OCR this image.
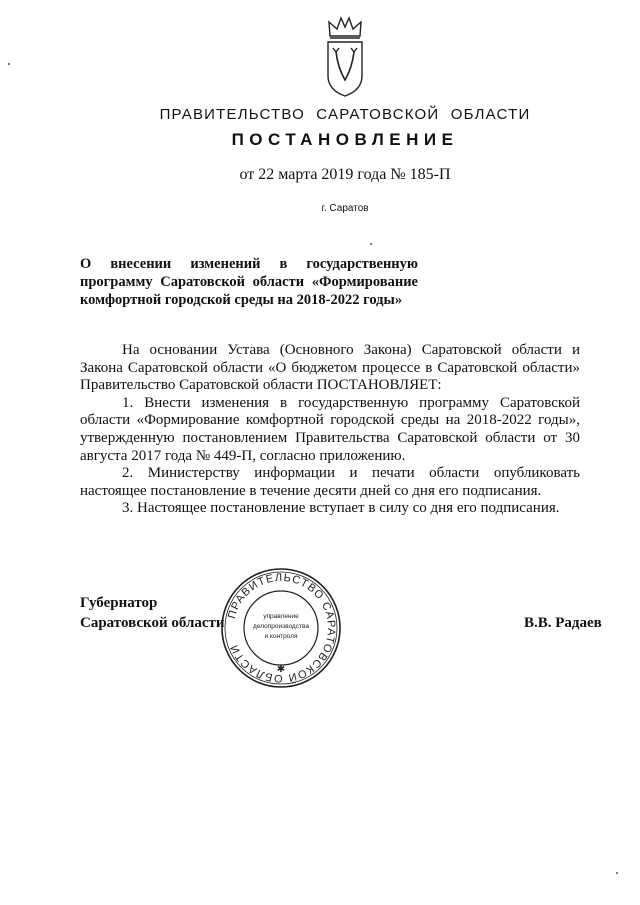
ПРАВИТЕЛЬСТВО САРАТОВСКОЙ ОБЛАСТИ
ПОСТАНОВЛЕНИЕ
от 22 марта 2019 года № 185-П
г. Саратов
О внесении изменений в государственную программу Саратовской области «Формирование комфортной городской среды на 2018-2022 годы»

На основании Устава (Основного Закона) Саратовской области и Закона Саратовской области «О бюджетом процессе в Саратовской области» Правительство Саратовской области ПОСТАНОВЛЯЕТ:

1. Внести изменения в государственную программу Саратовской области «Формирование комфортной городской среды на 2018-2022 годы», утвержденную постановлением Правительства Саратовской области от 30 августа 2017 года № 449-П, согласно приложению.

2. Министерству информации и печати области опубликовать настоящее постановление в течение десяти дней со дня его подписания.

3. Настоящее постановление вступает в силу со дня его подписания.

Губернатор
Саратовской области	В.В. Радаев
ПРАВИТЕЛЬСТВО САРАТОВСКОЙ ОБЛАСТИ
управление
делопроизводства
и контроля
✱
